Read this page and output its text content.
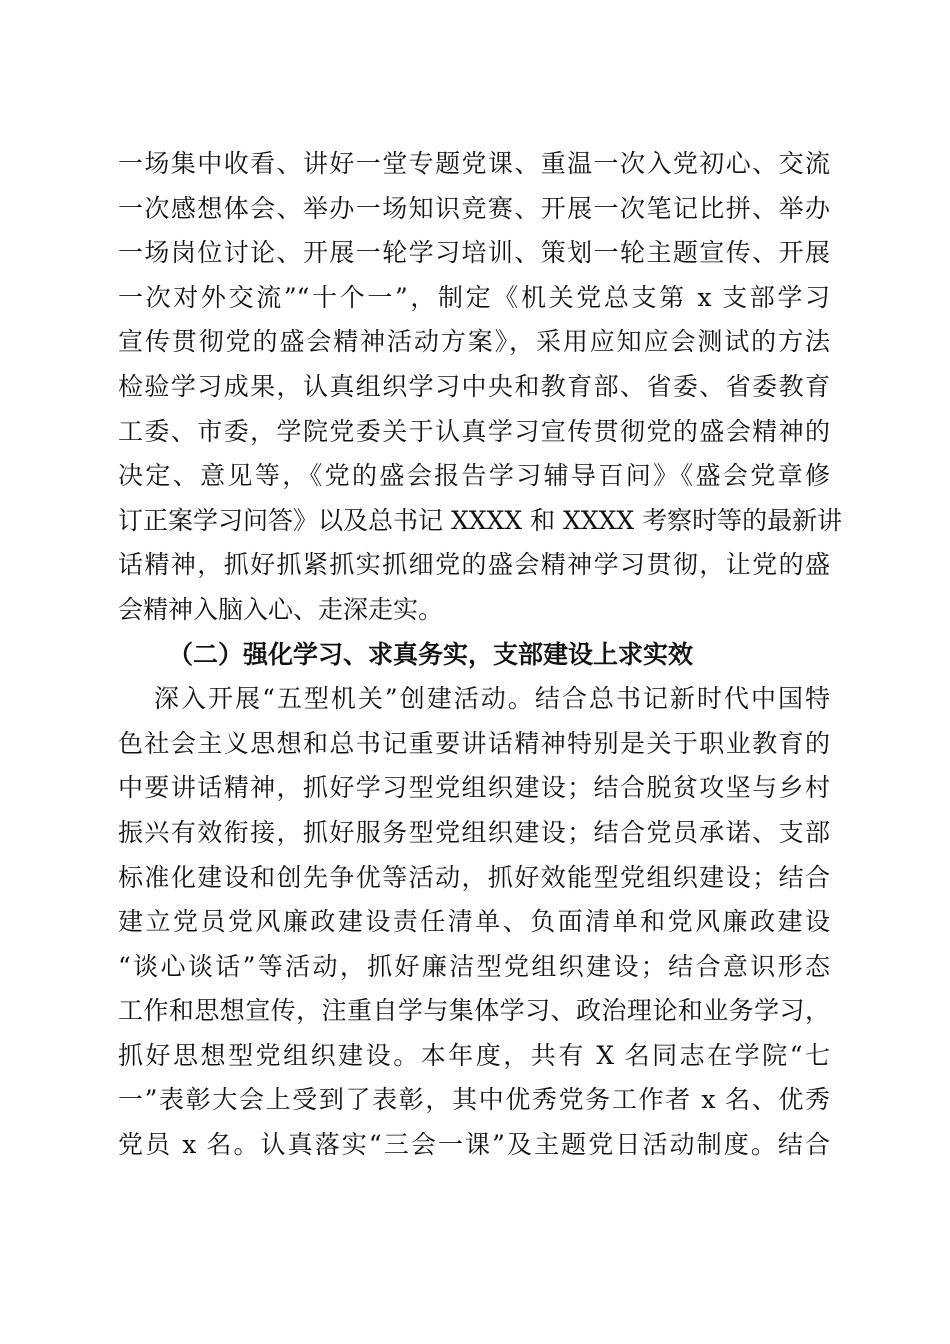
一场集中收看、讲好一堂专题党课、重温一次入党初心、交流
一次感想体会、举办一场知识竞赛、开展一次笔记比拼、举办
一场岗位讨论、开展一轮学习培训、策划一轮主题宣传、开展
一次对外交流”“十个一”，制定《机关党总支第 x 支部学习
宣传贯彻党的盛会精神活动方案》，采用应知应会测试的方法
检验学习成果，认真组织学习中央和教育部、省委、省委教育
工委、市委，学院党委关于认真学习宣传贯彻党的盛会精神的
决定、意见等，《党的盛会报告学习辅导百问》《盛会党章修
订正案学习问答》以及总书记 XXXX 和 XXXX 考察时等的最新讲
话精神，抓好抓紧抓实抓细党的盛会精神学习贯彻，让党的盛
会精神入脑入心、走深走实。
（二）强化学习、求真务实，支部建设上求实效
深入开展“五型机关”创建活动。结合总书记新时代中国特
色社会主义思想和总书记重要讲话精神特别是关于职业教育的
中要讲话精神，抓好学习型党组织建设；结合脱贫攻坚与乡村
振兴有效衔接，抓好服务型党组织建设；结合党员承诺、支部
标准化建设和创先争优等活动，抓好效能型党组织建设；结合
建立党员党风廉政建设责任清单、负面清单和党风廉政建设
“谈心谈话”等活动，抓好廉洁型党组织建设；结合意识形态
工作和思想宣传，注重自学与集体学习、政治理论和业务学习，
抓好思想型党组织建设。本年度，共有 X 名同志在学院“七
一”表彰大会上受到了表彰，其中优秀党务工作者 x 名、优秀
党员 x 名。认真落实“三会一课”及主题党日活动制度。结合
